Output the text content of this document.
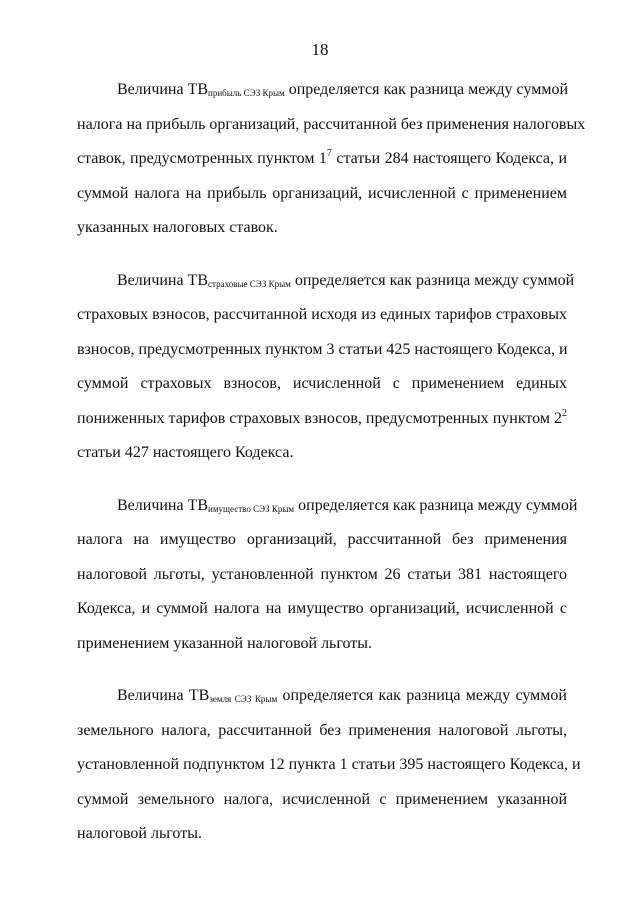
18

Величина $ТВ_{прибыль СЭЗ Крым}$ определяется как разница между суммой
налога на прибыль организаций, рассчитанной без применения налоговых
ставок, предусмотренных пунктом $1^7$ статьи 284 настоящего Кодекса, и
суммой налога на прибыль организаций, исчисленной с применением
указанных налоговых ставок.

Величина $ТВ_{страховые СЭЗ Крым}$ определяется как разница между суммой
страховых взносов, рассчитанной исходя из единых тарифов страховых
взносов, предусмотренных пунктом 3 статьи 425 настоящего Кодекса, и
суммой страховых взносов, исчисленной с применением единых
пониженных тарифов страховых взносов, предусмотренных пунктом $2^2$
статьи 427 настоящего Кодекса.

Величина $ТВ_{имущество СЭЗ Крым}$ определяется как разница между суммой
налога на имущество организаций, рассчитанной без применения
налоговой льготы, установленной пунктом 26 статьи 381 настоящего
Кодекса, и суммой налога на имущество организаций, исчисленной с
применением указанной налоговой льготы.

Величина $ТВ_{земля СЭЗ Крым}$ определяется как разница между суммой
земельного налога, рассчитанной без применения налоговой льготы,
установленной подпунктом 12 пункта 1 статьи 395 настоящего Кодекса, и
суммой земельного налога, исчисленной с применением указанной
налоговой льготы.
